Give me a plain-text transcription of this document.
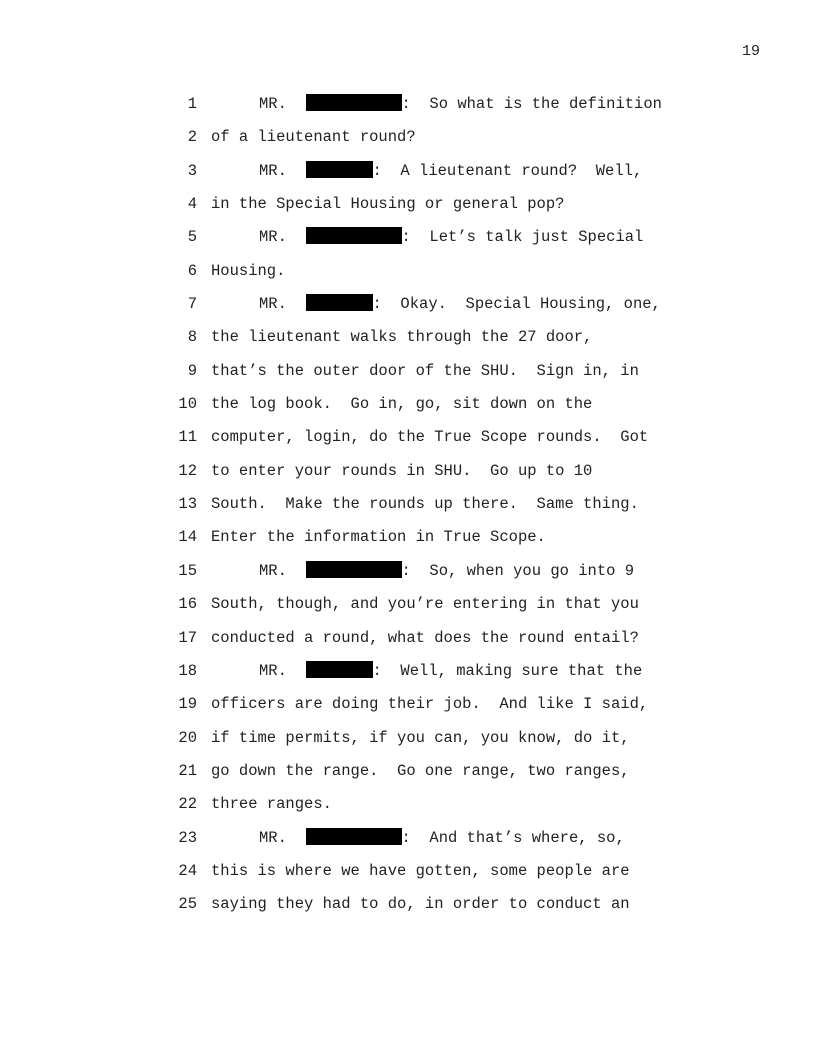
19
1	MR.	:  So what is the definition
2 of a lieutenant round?
3	MR.	:  A lieutenant round?  Well,
4 in the Special Housing or general pop?
5	MR.	:  Let’s talk just Special
6 Housing.
7	MR.	:  Okay.  Special Housing, one,
8 the lieutenant walks through the 27 door,
9 that’s the outer door of the SHU.  Sign in, in
10 the log book.  Go in, go, sit down on the
11 computer, login, do the True Scope rounds.  Got
12 to enter your rounds in SHU.  Go up to 10
13 South.  Make the rounds up there.  Same thing.
14 Enter the information in True Scope.
15	MR.	:  So, when you go into 9
16 South, though, and you’re entering in that you
17 conducted a round, what does the round entail?
18	MR.	:  Well, making sure that the
19 officers are doing their job.  And like I said,
20 if time permits, if you can, you know, do it,
21 go down the range.  Go one range, two ranges,
22 three ranges.
23	MR.	:  And that’s where, so,
24 this is where we have gotten, some people are
25 saying they had to do, in order to conduct an
